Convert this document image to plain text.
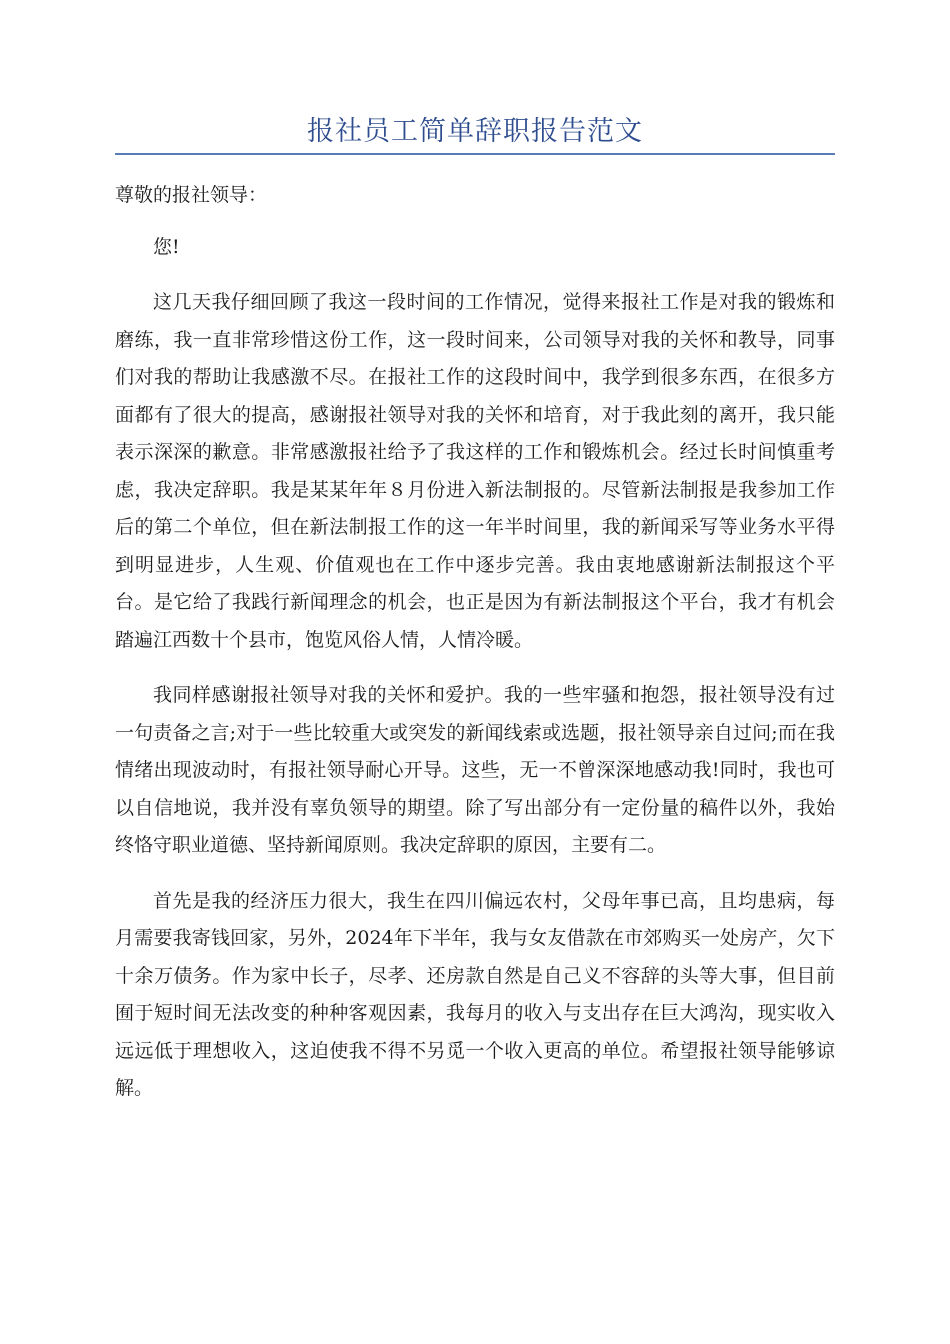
报社员工简单辞职报告范文

尊敬的报社领导：

您!

这几天我仔细回顾了我这一段时间的工作情况，觉得来报社工作是对我的锻炼和磨练，我一直非常珍惜这份工作，这一段时间来，公司领导对我的关怀和教导，同事们对我的帮助让我感激不尽。在报社工作的这段时间中，我学到很多东西，在很多方面都有了很大的提高，感谢报社领导对我的关怀和培育，对于我此刻的离开，我只能表示深深的歉意。非常感激报社给予了我这样的工作和锻炼机会。经过长时间慎重考虑，我决定辞职。我是某某年年８月份进入新法制报的。尽管新法制报是我参加工作后的第二个单位，但在新法制报工作的这一年半时间里，我的新闻采写等业务水平得到明显进步，人生观、价值观也在工作中逐步完善。我由衷地感谢新法制报这个平台。是它给了我践行新闻理念的机会，也正是因为有新法制报这个平台，我才有机会踏遍江西数十个县市，饱览风俗人情，人情冷暖。

我同样感谢报社领导对我的关怀和爱护。我的一些牢骚和抱怨，报社领导没有过一句责备之言;对于一些比较重大或突发的新闻线索或选题，报社领导亲自过问;而在我情绪出现波动时，有报社领导耐心开导。这些，无一不曾深深地感动我!同时，我也可以自信地说，我并没有辜负领导的期望。除了写出部分有一定份量的稿件以外，我始终恪守职业道德、坚持新闻原则。我决定辞职的原因，主要有二。

首先是我的经济压力很大，我生在四川偏远农村，父母年事已高，且均患病，每月需要我寄钱回家，另外，2024年下半年，我与女友借款在市郊购买一处房产，欠下十余万债务。作为家中长子，尽孝、还房款自然是自己义不容辞的头等大事，但目前囿于短时间无法改变的种种客观因素，我每月的收入与支出存在巨大鸿沟，现实收入远远低于理想收入，这迫使我不得不另觅一个收入更高的单位。希望报社领导能够谅解。
